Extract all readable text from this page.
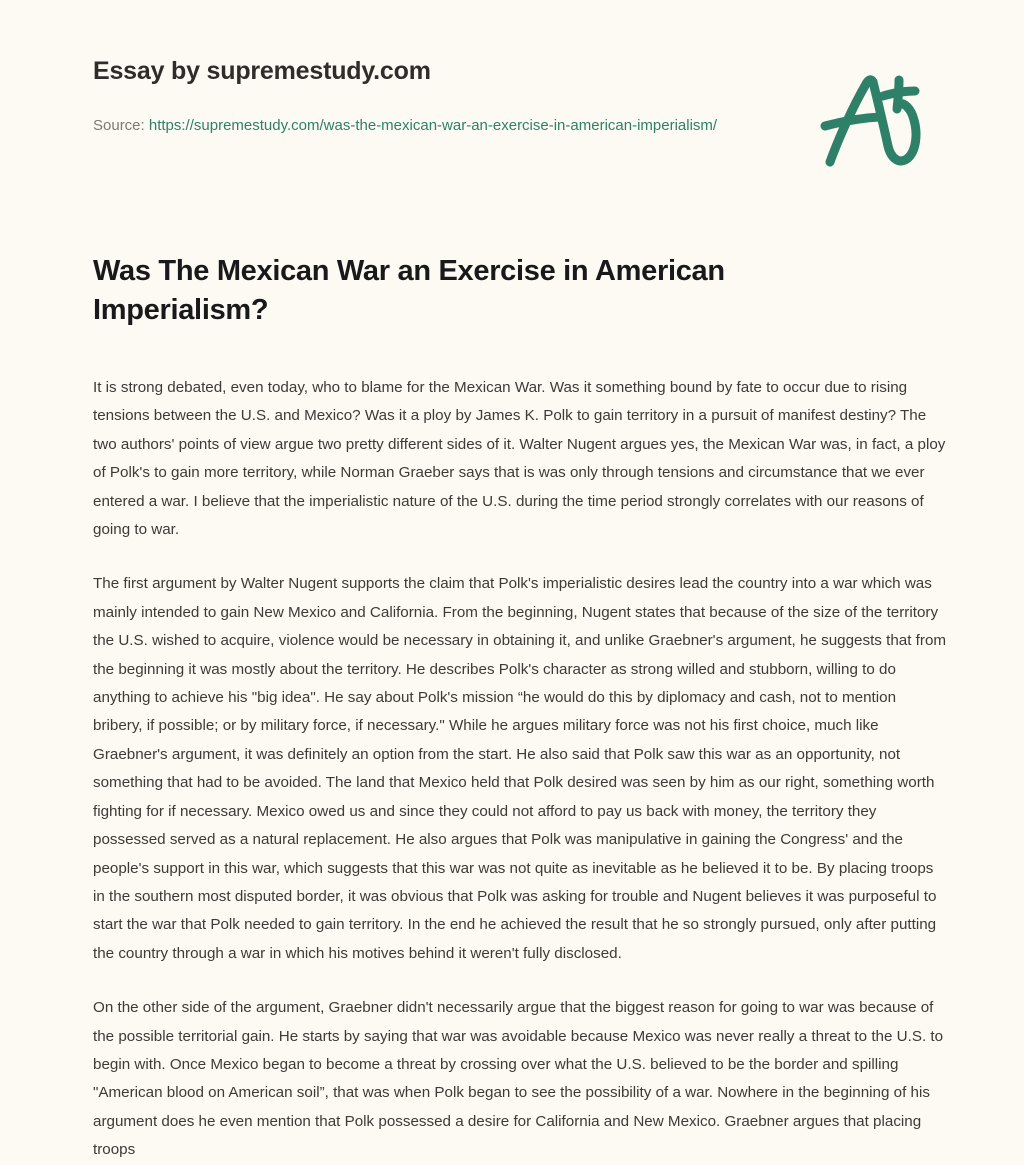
Essay by supremestudy.com
Source: https://supremestudy.com/was-the-mexican-war-an-exercise-in-american-imperialism/
Was The Mexican War an Exercise in American Imperialism?

It is strong debated, even today, who to blame for the Mexican War. Was it something bound by fate to occur due to rising tensions between the U.S. and Mexico? Was it a ploy by James K. Polk to gain territory in a pursuit of manifest destiny? The two authors' points of view argue two pretty different sides of it. Walter Nugent argues yes, the Mexican War was, in fact, a ploy of Polk's to gain more territory, while Norman Graeber says that is was only through tensions and circumstance that we ever entered a war. I believe that the imperialistic nature of the U.S. during the time period strongly correlates with our reasons of going to war.

The first argument by Walter Nugent supports the claim that Polk's imperialistic desires lead the country into a war which was mainly intended to gain New Mexico and California. From the beginning, Nugent states that because of the size of the territory the U.S. wished to acquire, violence would be necessary in obtaining it, and unlike Graebner's argument, he suggests that from the beginning it was mostly about the territory. He describes Polk's character as strong willed and stubborn, willing to do anything to achieve his "big idea". He say about Polk's mission “he would do this by diplomacy and cash, not to mention bribery, if possible; or by military force, if necessary." While he argues military force was not his first choice, much like Graebner's argument, it was definitely an option from the start. He also said that Polk saw this war as an opportunity, not something that had to be avoided. The land that Mexico held that Polk desired was seen by him as our right, something worth fighting for if necessary. Mexico owed us and since they could not afford to pay us back with money, the territory they possessed served as a natural replacement. He also argues that Polk was manipulative in gaining the Congress' and the people's support in this war, which suggests that this war was not quite as inevitable as he believed it to be. By placing troops in the southern most disputed border, it was obvious that Polk was asking for trouble and Nugent believes it was purposeful to start the war that Polk needed to gain territory. In the end he achieved the result that he so strongly pursued, only after putting the country through a war in which his motives behind it weren't fully disclosed.

On the other side of the argument, Graebner didn't necessarily argue that the biggest reason for going to war was because of the possible territorial gain. He starts by saying that war was avoidable because Mexico was never really a threat to the U.S. to begin with. Once Mexico began to become a threat by crossing over what the U.S. believed to be the border and spilling "American blood on American soil”, that was when Polk began to see the possibility of a war. Nowhere in the beginning of his argument does he even mention that Polk possessed a desire for California and New Mexico. Graebner argues that placing troops
